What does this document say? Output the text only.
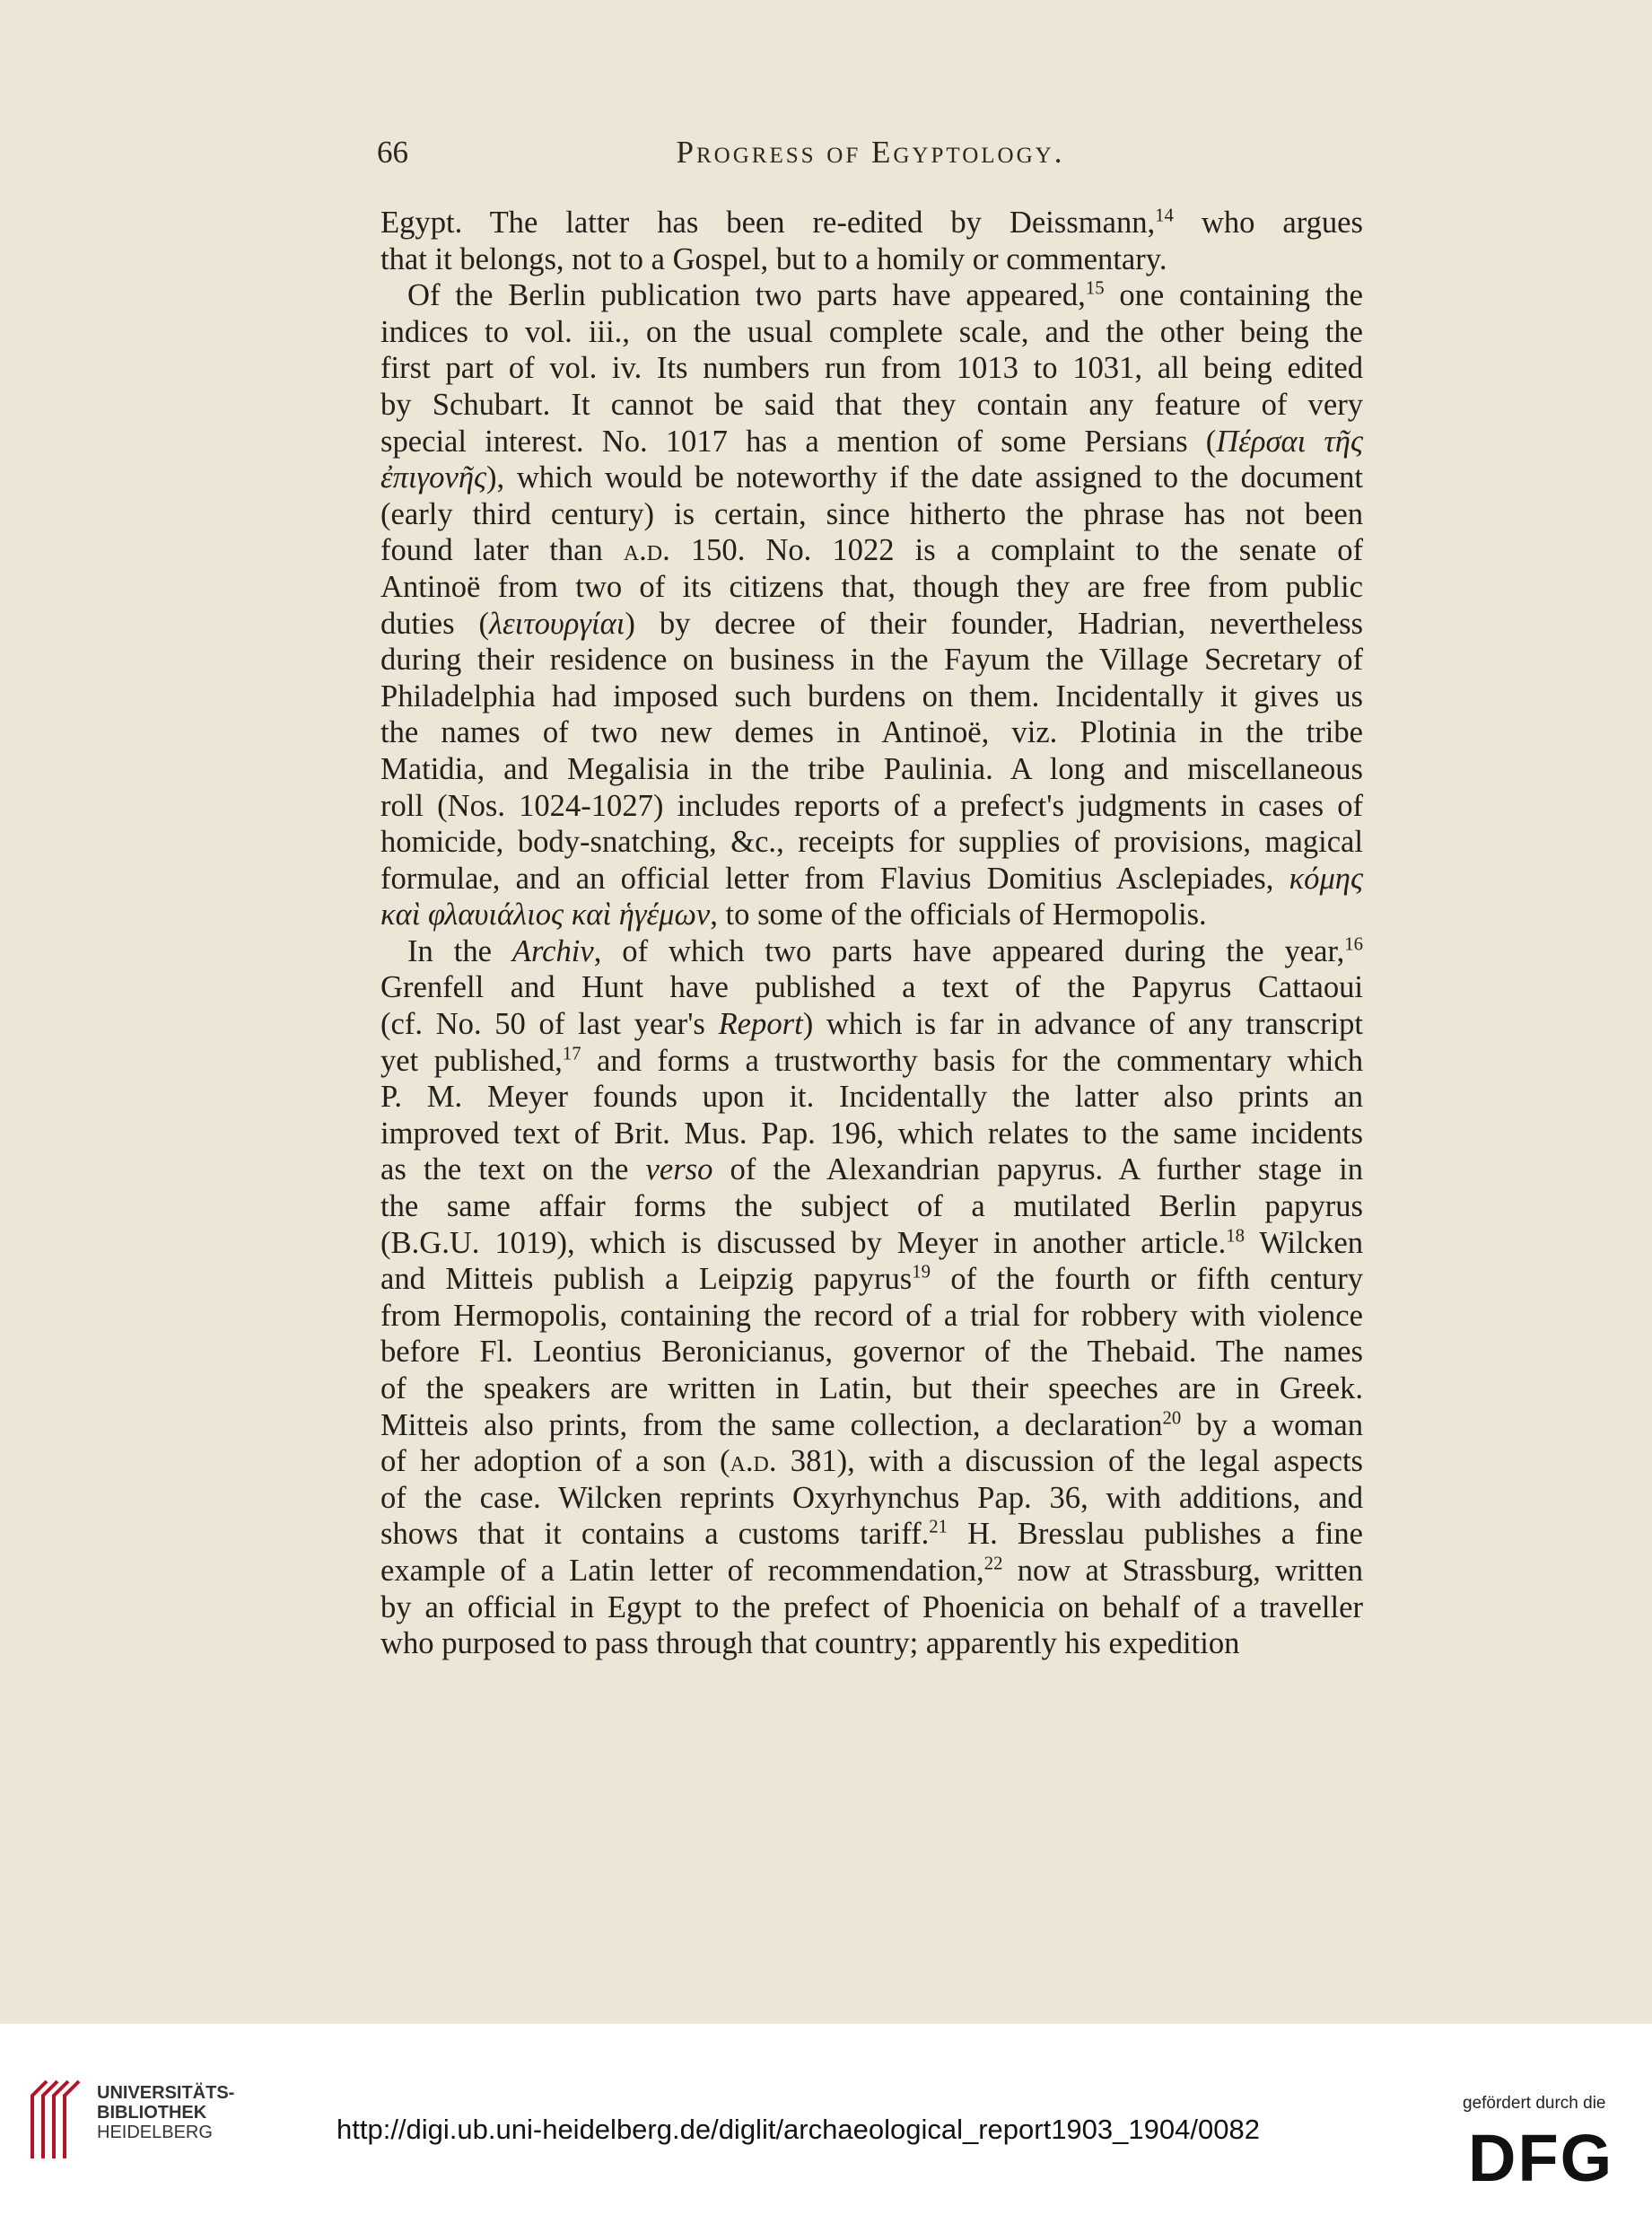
Progress of Egyptology.
66
Egypt. The latter has been re-edited by Deissmann,$^{14}$ who argues
that it belongs, not to a Gospel, but to a homily or commentary.
Of the Berlin publication two parts have appeared,$^{15}$ one containing the
indices to vol. iii., on the usual complete scale, and the other being the
first part of vol. iv. Its numbers run from 1013 to 1031, all being edited
by Schubart. It cannot be said that they contain any feature of very
special interest. No. 1017 has a mention of some Persians (Πέρσαι τῆς
ἐπιγονῆς), which would be noteworthy if the date assigned to the document
(early third century) is certain, since hitherto the phrase has not been
found later than a.d. 150. No. 1022 is a complaint to the senate of
Antinoë from two of its citizens that, though they are free from public
duties (λειτουργίαι) by decree of their founder, Hadrian, nevertheless
during their residence on business in the Fayum the Village Secretary of
Philadelphia had imposed such burdens on them. Incidentally it gives us
the names of two new demes in Antinoë, viz. Plotinia in the tribe
Matidia, and Megalisia in the tribe Paulinia. A long and miscellaneous
roll (Nos. 1024-1027) includes reports of a prefect's judgments in cases of
homicide, body-snatching, &c., receipts for supplies of provisions, magical
formulae, and an official letter from Flavius Domitius Asclepiades, κόμης
καὶ φλαυιάλιος καὶ ἡγέμων, to some of the officials of Hermopolis.
In the Archiv, of which two parts have appeared during the year,$^{16}$
Grenfell and Hunt have published a text of the Papyrus Cattaoui
(cf. No. 50 of last year's Report) which is far in advance of any transcript
yet published,$^{17}$ and forms a trustworthy basis for the commentary which
P. M. Meyer founds upon it. Incidentally the latter also prints an
improved text of Brit. Mus. Pap. 196, which relates to the same incidents
as the text on the verso of the Alexandrian papyrus. A further stage in
the same affair forms the subject of a mutilated Berlin papyrus
(B.G.U. 1019), which is discussed by Meyer in another article.$^{18}$ Wilcken
and Mitteis publish a Leipzig papyrus$^{19}$ of the fourth or fifth century
from Hermopolis, containing the record of a trial for robbery with violence
before Fl. Leontius Beronicianus, governor of the Thebaid. The names
of the speakers are written in Latin, but their speeches are in Greek.
Mitteis also prints, from the same collection, a declaration$^{20}$ by a woman
of her adoption of a son (a.d. 381), with a discussion of the legal aspects
of the case. Wilcken reprints Oxyrhynchus Pap. 36, with additions, and
shows that it contains a customs tariff.$^{21}$ H. Bresslau publishes a fine
example of a Latin letter of recommendation,$^{22}$ now at Strassburg, written
by an official in Egypt to the prefect of Phoenicia on behalf of a traveller
who purposed to pass through that country; apparently his expedition
UNIVERSITÄTS-
BIBLIOTHEK
HEIDELBERG	http://digi.ub.uni-heidelberg.de/diglit/archaeological_report1903_1904/0082
gefördert durch die
DFG
